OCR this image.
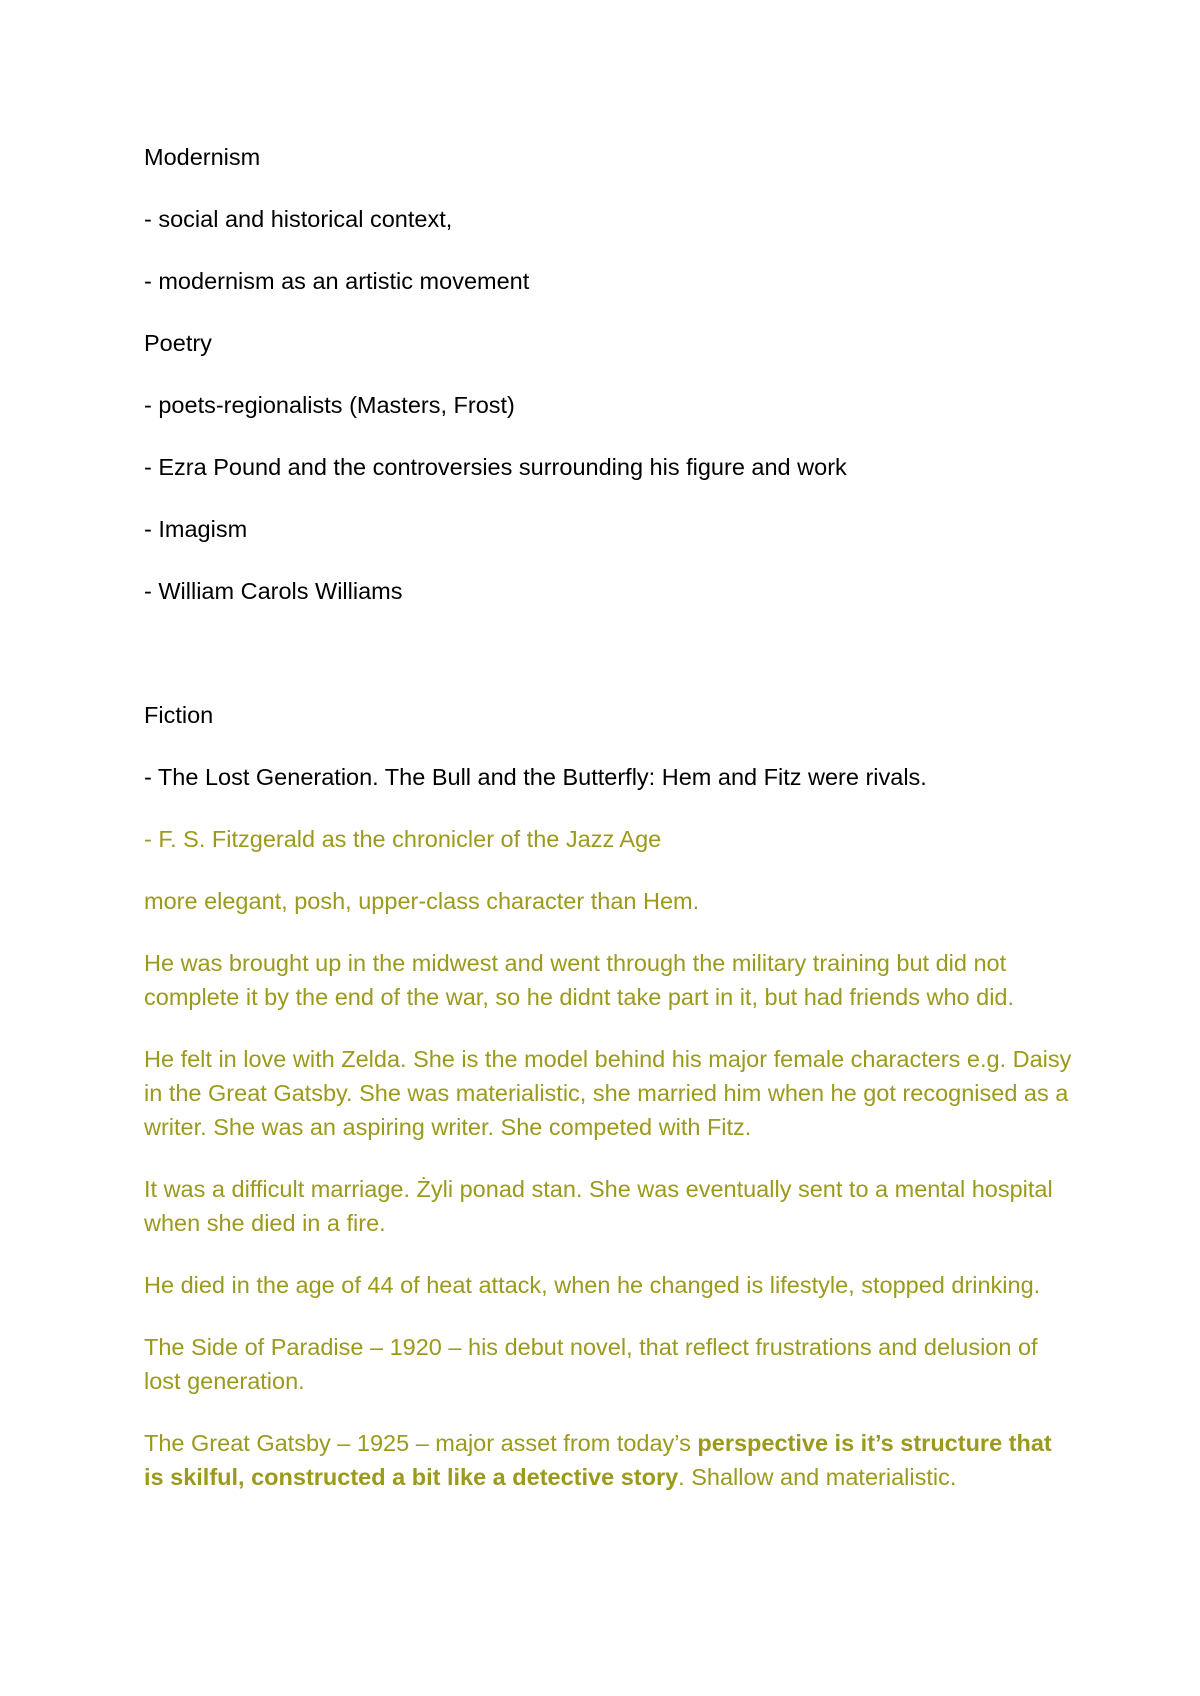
Modernism

- social and historical context,

- modernism as an artistic movement

Poetry

- poets-regionalists (Masters, Frost)

- Ezra Pound and the controversies surrounding his figure and work

- Imagism

- William Carols Williams

Fiction

- The Lost Generation. The Bull and the Butterfly: Hem and Fitz were rivals.

- F. S. Fitzgerald as the chronicler of the Jazz Age

more elegant, posh, upper-class character than Hem.

He was brought up in the midwest and went through the military training but did not complete it by the end of the war, so he didnt take part in it, but had friends who did.

He felt in love with Zelda. She is the model behind his major female characters e.g. Daisy in the Great Gatsby. She was materialistic, she married him when he got recognised as a writer. She was an aspiring writer. She competed with Fitz.

It was a difficult marriage. Żyli ponad stan. She was eventually sent to a mental hospital when she died in a fire.

He died in the age of 44 of heat attack, when he changed is lifestyle, stopped drinking.

The Side of Paradise – 1920 – his debut novel, that reflect frustrations and delusion of lost generation.

The Great Gatsby – 1925 – major asset from today’s perspective is it’s structure that is skilful, constructed a bit like a detective story. Shallow and materialistic.
